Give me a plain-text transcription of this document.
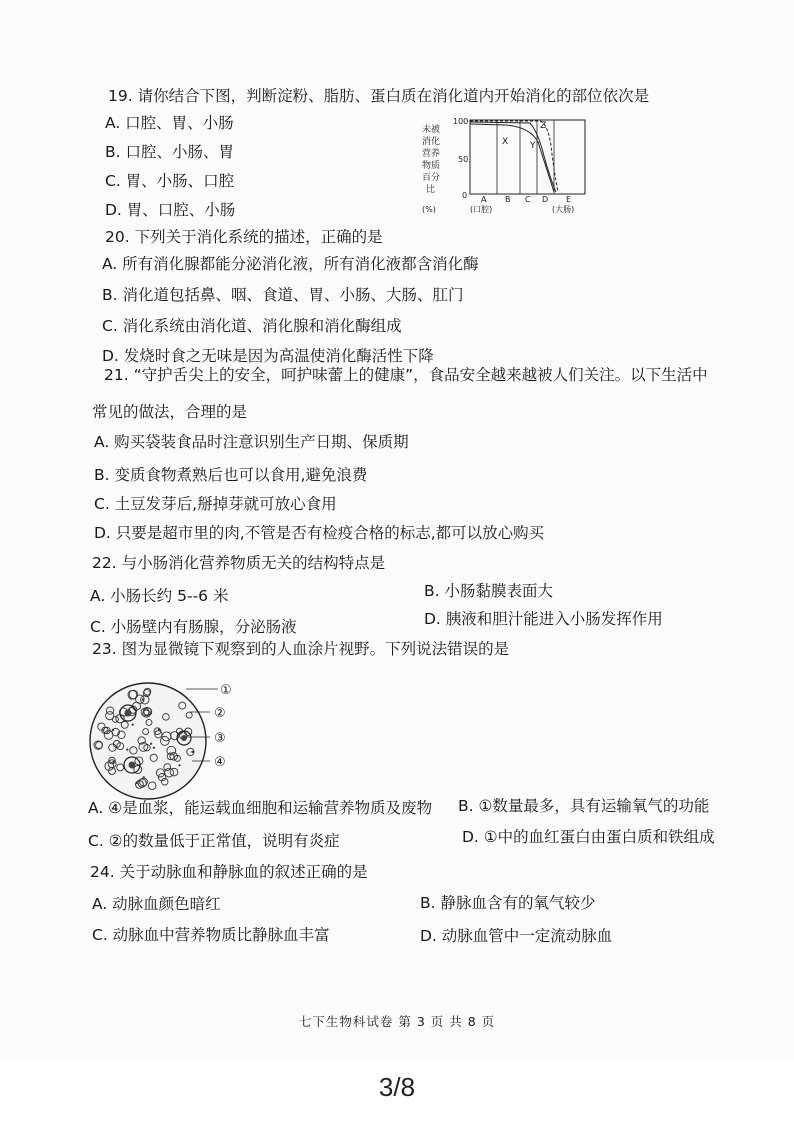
19. 请你结合下图，判断淀粉、脂肪、蛋白质在消化道内开始消化的部位依次是
A. 口腔、胃、小肠
B. 口腔、小肠、胃
C. 胃、小肠、口腔
D. 胃、口腔、小肠
未被
消化
营养
物质
百分
比
(%)
100
50
0
X Y
Z
A B C D E
(口腔)	(大肠)
20. 下列关于消化系统的描述，正确的是
A. 所有消化腺都能分泌消化液，所有消化液都含消化酶
B. 消化道包括鼻、咽、食道、胃、小肠、大肠、肛门
C. 消化系统由消化道、消化腺和消化酶组成
D. 发烧时食之无味是因为高温使消化酶活性下降
21. “守护舌尖上的安全，呵护味蕾上的健康”，食品安全越来越被人们关注。以下生活中
常见的做法，合理的是
A. 购买袋装食品时注意识别生产日期、保质期
B. 变质食物煮熟后也可以食用,避免浪费
C. 土豆发芽后,掰掉芽就可放心食用
D. 只要是超市里的肉,不管是否有检疫合格的标志,都可以放心购买
22. 与小肠消化营养物质无关的结构特点是
A. 小肠长约 5--6 米	B. 小肠黏膜表面大
C. 小肠壁内有肠腺，分泌肠液	D. 胰液和胆汁能进入小肠发挥作用
23. 图为显微镜下观察到的人血涂片视野。下列说法错误的是
①
②
③
④
A. ④是血浆，能运载血细胞和运输营养物质及废物 B. ①数量最多，具有运输氧气的功能
C. ②的数量低于正常值，说明有炎症	D. ①中的血红蛋白由蛋白质和铁组成
24. 关于动脉血和静脉血的叙述正确的是
A. 动脉血颜色暗红	B. 静脉血含有的氧气较少
C. 动脉血中营养物质比静脉血丰富	D. 动脉血管中一定流动脉血
七下生物科试卷 第 3 页 共 8 页
3/8
